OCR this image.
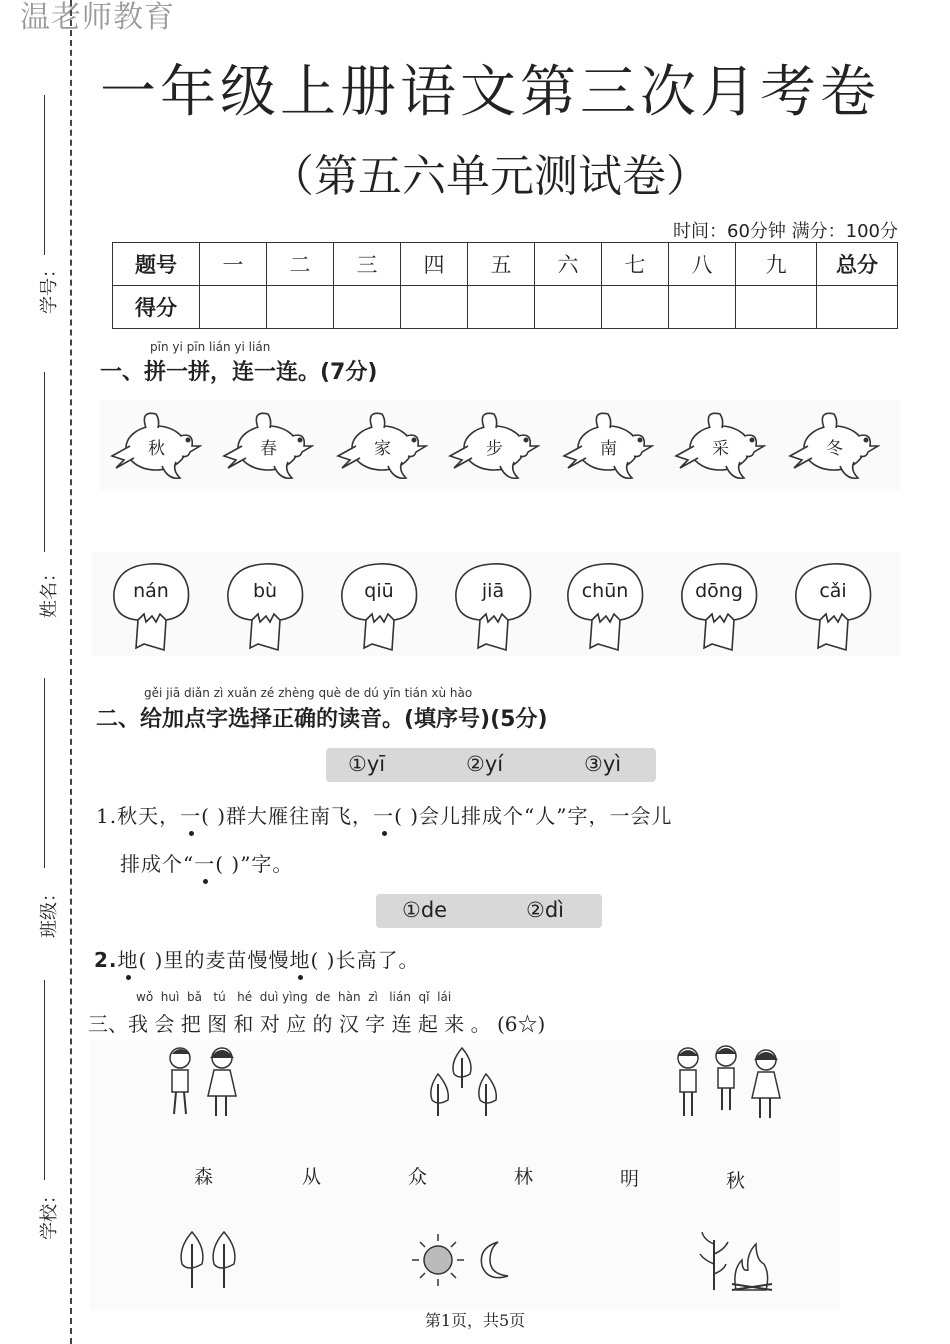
温老师教育
学号：
姓名：
班级：
学校：
一年级上册语文第三次月考卷
（第五六单元测试卷）
时间：60分钟 满分：100分
题号	一	二	三	四	五	六	七	八	九	总分
得分										
pīn yi pīn lián yi lián
一、拼一拼，连一连。(7分)
秋	春	家	步	南	采	冬
nán	bù	qiū	jiā	chūn	dōng	cǎi
gěi jiā diǎn zì xuǎn zé zhèng què de dú yīn tián xù hào
二、给加点字选择正确的读音。(填序号)(5分)
①yī	②yí	③yì
1.秋天，一( )群大雁往南飞，一( )会儿排成个“人”字，一会儿
排成个“一( )”字。
①de	②dì
2.地( )里的麦苗慢慢地( )长高了。
wǒ  huì  bǎ   tú   hé  duì yìng  de  hàn  zì   lián  qǐ  lái
三、我 会 把 图 和 对 应 的 汉 字 连 起 来 。 (6☆)
森	从	众	林	明	秋
第1页，共5页
